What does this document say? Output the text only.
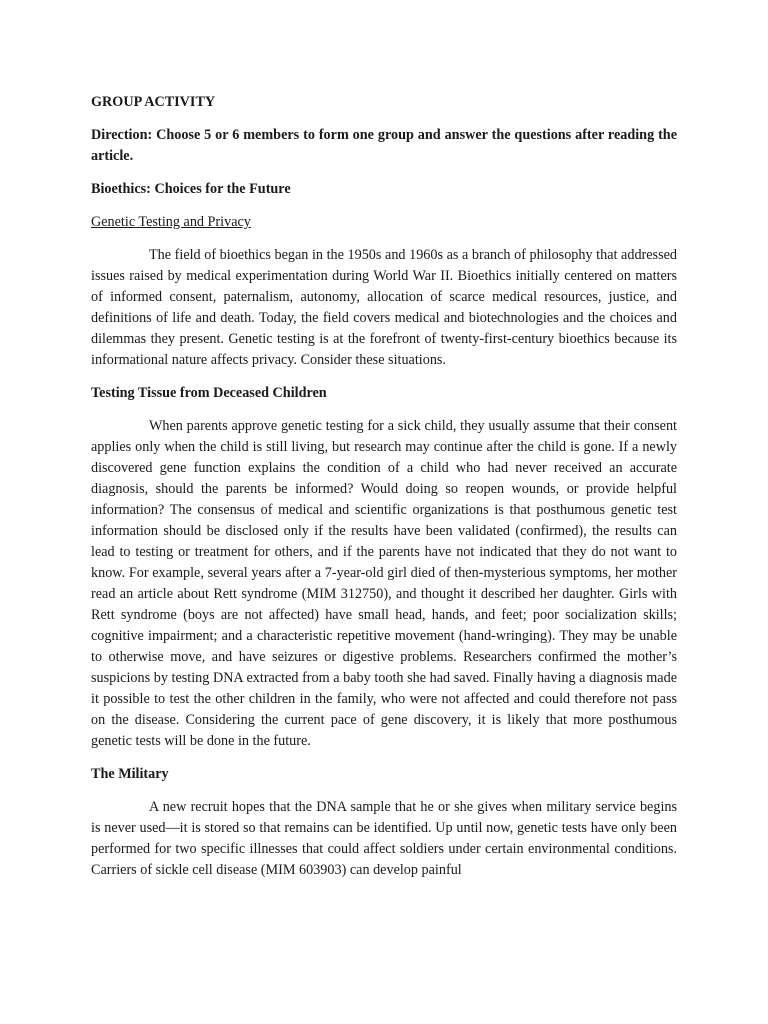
GROUP ACTIVITY

Direction: Choose 5 or 6 members to form one group and answer the questions after reading the article.

Bioethics: Choices for the Future

Genetic Testing and Privacy

The field of bioethics began in the 1950s and 1960s as a branch of philosophy that addressed issues raised by medical experimentation during World War II. Bioethics initially centered on matters of informed consent, paternalism, autonomy, allocation of scarce medical resources, justice, and definitions of life and death. Today, the field covers medical and biotechnologies and the choices and dilemmas they present. Genetic testing is at the forefront of twenty-first-century bioethics because its informational nature affects privacy. Consider these situations.

Testing Tissue from Deceased Children

When parents approve genetic testing for a sick child, they usually assume that their consent applies only when the child is still living, but research may continue after the child is gone. If a newly discovered gene function explains the condition of a child who had never received an accurate diagnosis, should the parents be informed? Would doing so reopen wounds, or provide helpful information? The consensus of medical and scientific organizations is that posthumous genetic test information should be disclosed only if the results have been validated (confirmed), the results can lead to testing or treatment for others, and if the parents have not indicated that they do not want to know. For example, several years after a 7-year-old girl died of then-mysterious symptoms, her mother read an article about Rett syndrome (MIM 312750), and thought it described her daughter. Girls with Rett syndrome (boys are not affected) have small head, hands, and feet; poor socialization skills; cognitive impairment; and a characteristic repetitive movement (hand-wringing). They may be unable to otherwise move, and have seizures or digestive problems. Researchers confirmed the mother’s suspicions by testing DNA extracted from a baby tooth she had saved. Finally having a diagnosis made it possible to test the other children in the family, who were not affected and could therefore not pass on the disease. Considering the current pace of gene discovery, it is likely that more posthumous genetic tests will be done in the future.

The Military

A new recruit hopes that the DNA sample that he or she gives when military service begins is never used—it is stored so that remains can be identified. Up until now, genetic tests have only been performed for two specific illnesses that could affect soldiers under certain environmental conditions. Carriers of sickle cell disease (MIM 603903) can develop painful
